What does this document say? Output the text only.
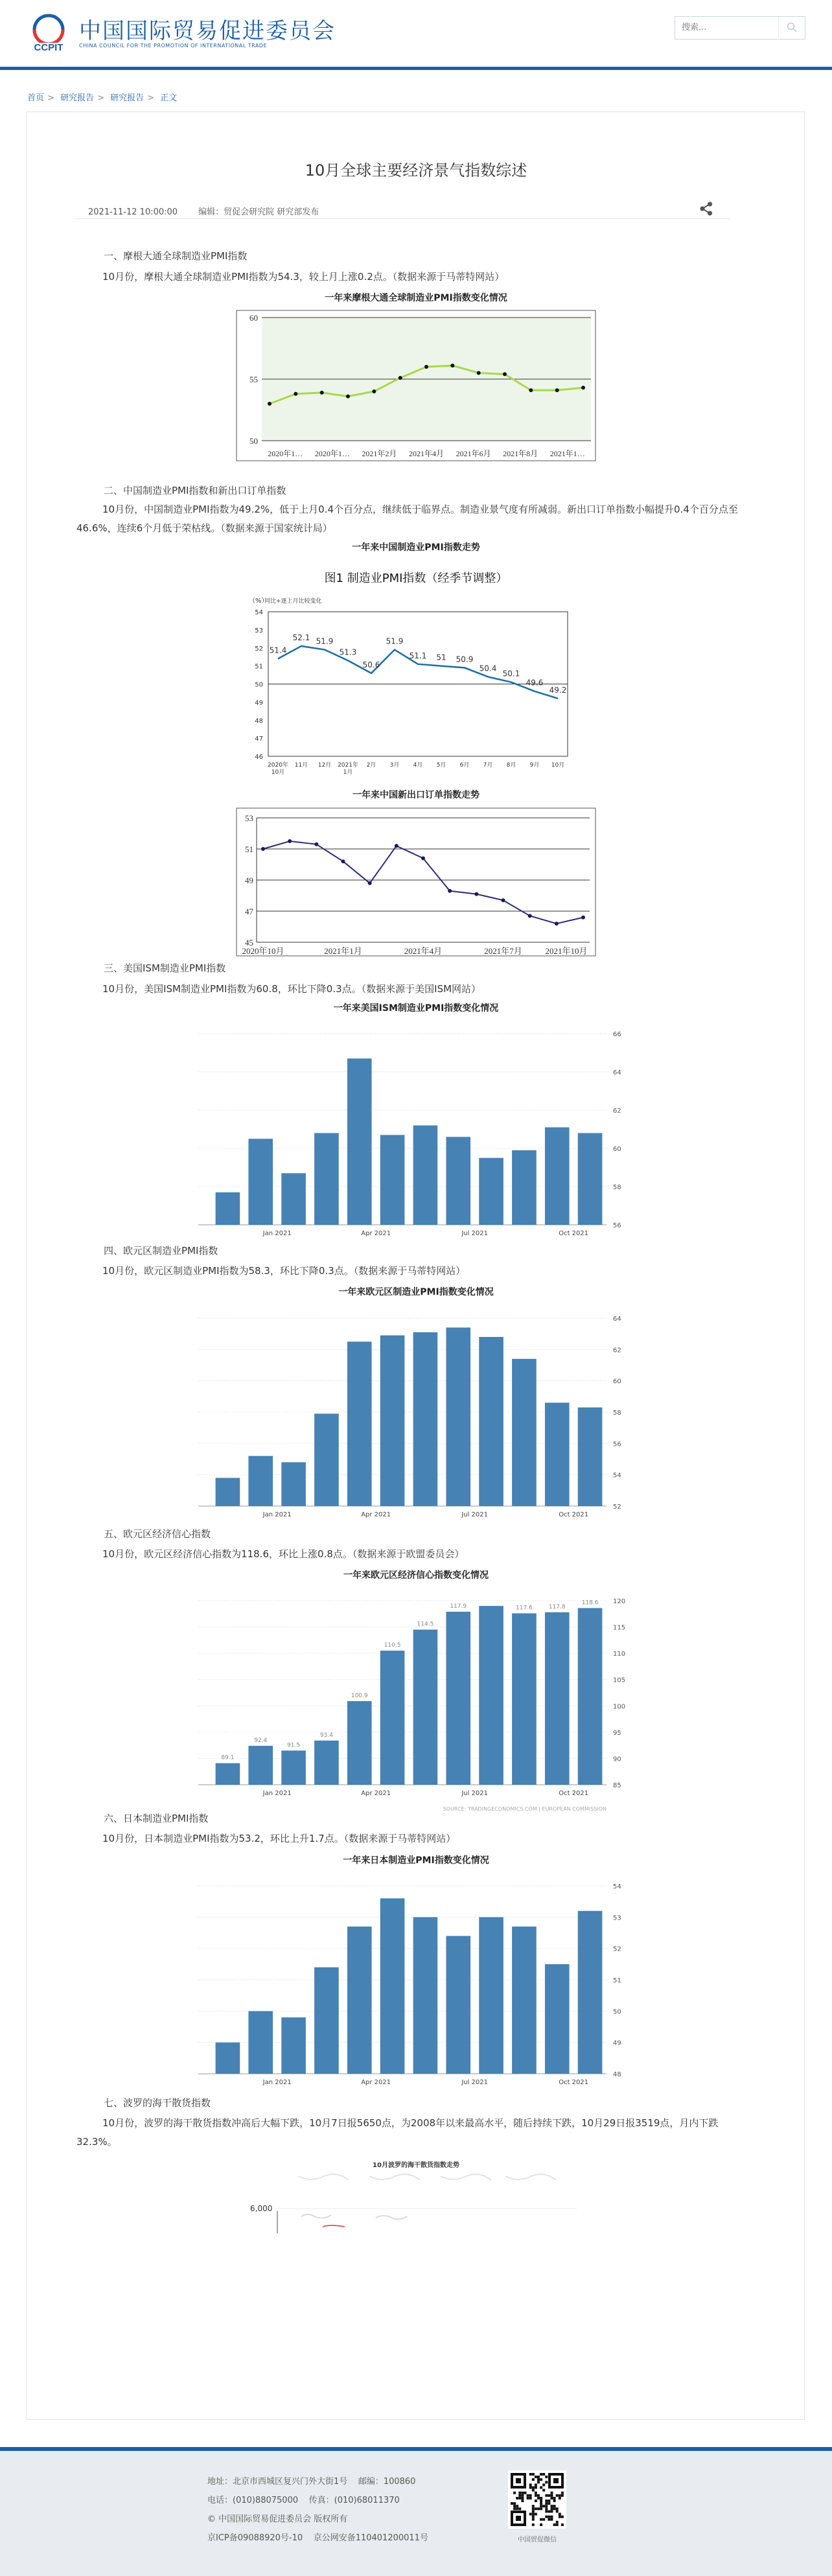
CCPIT
中国国际贸易促进委员会
CHINA COUNCIL FOR THE PROMOTION OF INTERNATIONAL TRADE
搜索...
首页 > 研究报告 > 研究报告 > 正文
10月全球主要经济景气指数综述
2021-11-12 10:00:00 编辑：贸促会研究院 研究部发布
一、摩根大通全球制造业PMI指数
10月份，摩根大通全球制造业PMI指数为54.3，较上月上涨0.2点。（数据来源于马蒂特网站）
一年来摩根大通全球制造业PMI指数变化情况
50
55
60
2020年1… 2020年1… 2021年2月 2021年4月 2021年6月 2021年8月 2021年1…
二、中国制造业PMI指数和新出口订单指数
10月份，中国制造业PMI指数为49.2%，低于上月0.4个百分点，继续低于临界点。制造业景气度有所减弱。新出口订单指数小幅提升0.4个百分点至46.6%，连续6个月低于荣枯线。（数据来源于国家统计局）
一年来中国制造业PMI指数走势
图1 制造业PMI指数（经季节调整）
（%）
同比+逐上月比较变化
46
47
48
49
50
51
52
53
54
51.4
52.1 51.9
51.3
50.6
51.9
51.1 51 50.9
50.4
50.1
49.6
49.2
2020年 10月
11月 12月 2021年 1月
2月 3月 4月 5月 6月 7月 8月 9月 10月
一年来中国新出口订单指数走势
45
47
49
51
53
2020年10月	2021年1月	2021年4月	2021年7月	2021年10月
三、美国ISM制造业PMI指数
10月份，美国ISM制造业PMI指数为60.8，环比下降0.3点。（数据来源于美国ISM网站）
一年来美国ISM制造业PMI指数变化情况
56
58
60
62
64
66
Jan 2021	Apr 2021	Jul 2021	Oct 2021
四、欧元区制造业PMI指数
10月份，欧元区制造业PMI指数为58.3，环比下降0.3点。（数据来源于马蒂特网站）
一年来欧元区制造业PMI指数变化情况
52
54
56
58
60
62
64
Jan 2021	Apr 2021	Jul 2021	Oct 2021
五、欧元区经济信心指数
10月份，欧元区经济信心指数为118.6，环比上涨0.8点。（数据来源于欧盟委员会）
一年来欧元区经济信心指数变化情况
85
90
95
100
105
110
115
120
89.1
92.4
91.5
93.4
100.9
110.5
114.5
117.9	117.6	117.8
118.6
Jan 2021	Apr 2021	Jul 2021	Oct 2021
SOURCE: TRADINGECONOMICS.COM | EUROPEAN COMMISSION
六、日本制造业PMI指数
10月份，日本制造业PMI指数为53.2，环比上升1.7点。（数据来源于马蒂特网站）
一年来日本制造业PMI指数变化情况
48
49
50
51
52
53
54
Jan 2021	Apr 2021	Jul 2021	Oct 2021
七、波罗的海干散货指数
10月份，波罗的海干散货指数冲高后大幅下跌，10月7日报5650点，为2008年以来最高水平，随后持续下跌，10月29日报3519点，月内下跌32.3%。
10月波罗的海干散货指数走势
6,000
地址：北京市西城区复兴门外大街1号 邮编：100860
电话：(010)88075000 传真：(010)68011370
© 中国国际贸易促进委员会 版权所有
京ICP备09088920号-10 京公网安备110401200011号	中国贸促微信
